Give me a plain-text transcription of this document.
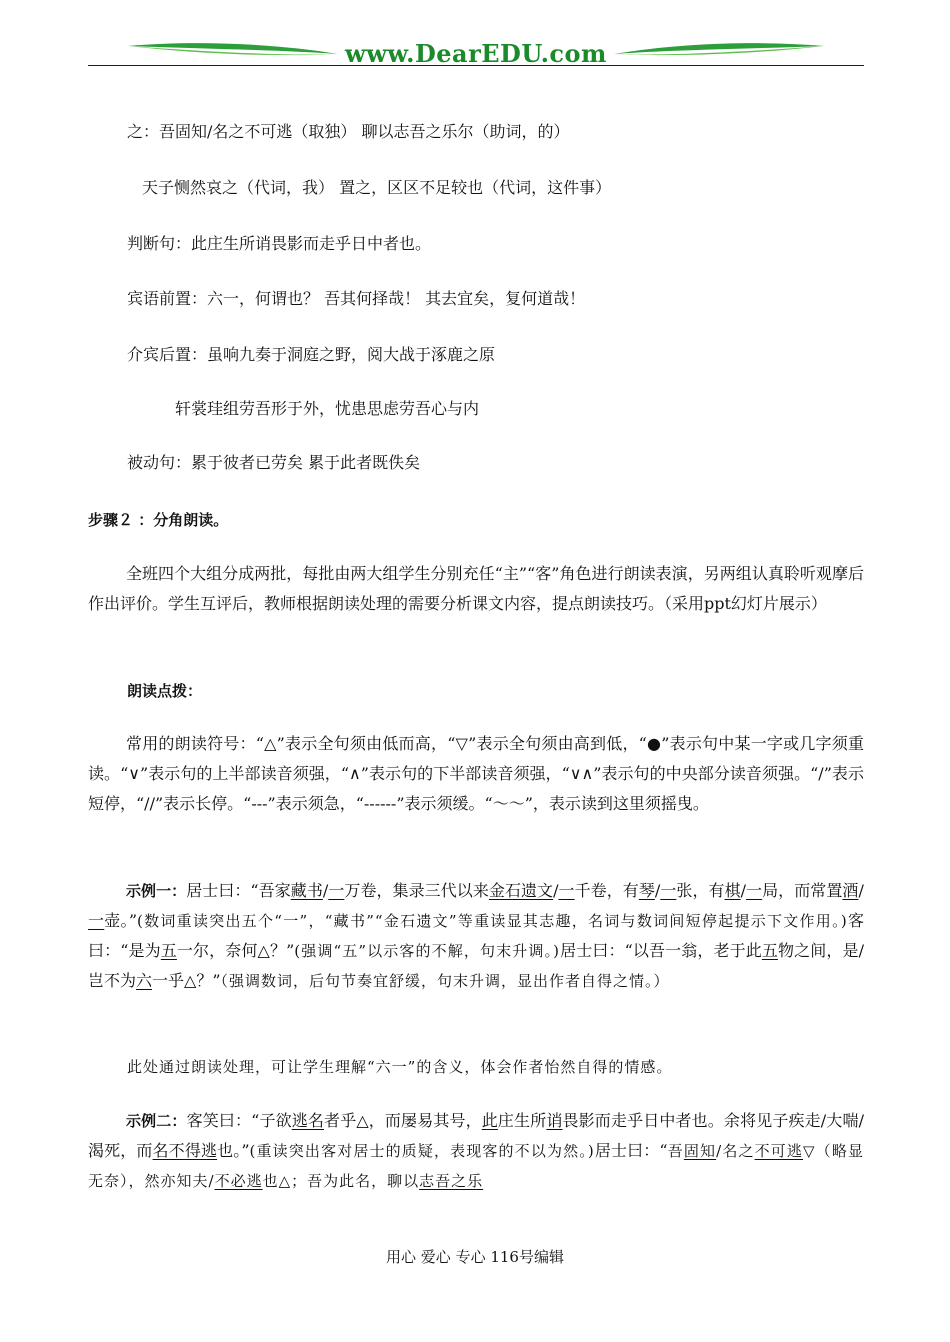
www.DearEDU.com
之：吾固知/名之不可逃（取独） 聊以志吾之乐尔（助词，的）
天子恻然哀之（代词，我） 置之，区区不足较也（代词，这件事）
判断句：此庄生所诮畏影而走乎日中者也。
宾语前置：六一，何谓也？ 吾其何择哉！ 其去宜矣，复何道哉！
介宾后置：虽响九奏于洞庭之野，阅大战于涿鹿之原
轩裳珪组劳吾形于外，忧患思虑劳吾心与内
被动句：累于彼者已劳矣 累于此者既佚矣
步骤２ ：分角朗读。
全班四个大组分成两批，每批由两大组学生分别充任“主”“客”角色进行朗读表演，另两组认真聆听观摩后作出评价。学生互评后，教师根据朗读处理的需要分析课文内容，提点朗读技巧。（采用ppt幻灯片展示）
朗读点拨：
常用的朗读符号：“△”表示全句须由低而高，“▽”表示全句须由高到低，“●”表示句中某一字或几字须重读。“∨”表示句的上半部读音须强，“∧”表示句的下半部读音须强，“∨∧”表示句的中央部分读音须强。“/”表示短停，“//”表示长停。“---”表示须急，“------”表示须缓。“～～”，表示读到这里须摇曳。
示例一：居士曰：“吾家藏书/一万卷，集录三代以来金石遗文/一千卷，有琴/一张，有棋/一局，而常置酒/一壶。”(数词重读突出五个“一”，“藏书”“金石遗文”等重读显其志趣，名词与数词间短停起提示下文作用。)客曰：“是为五一尔，奈何△？”(强调“五”以示客的不解，句末升调。)居士曰：“以吾一翁，老于此五物之间，是/岂不为六一乎△？”（强调数词，后句节奏宜舒缓，句末升调，显出作者自得之情。）
此处通过朗读处理，可让学生理解“六一”的含义，体会作者怡然自得的情感。
示例二：客笑曰：“子欲逃名者乎△，而屡易其号，此庄生所诮畏影而走乎日中者也。余将见子疾走/大喘/渴死，而名不得逃也。”(重读突出客对居士的质疑，表现客的不以为然。)居士曰：“吾固知/名之不可逃▽（略显无奈），然亦知夫/不必逃也△；吾为此名，聊以志吾之乐
用心 爱心 专心 116号编辑
